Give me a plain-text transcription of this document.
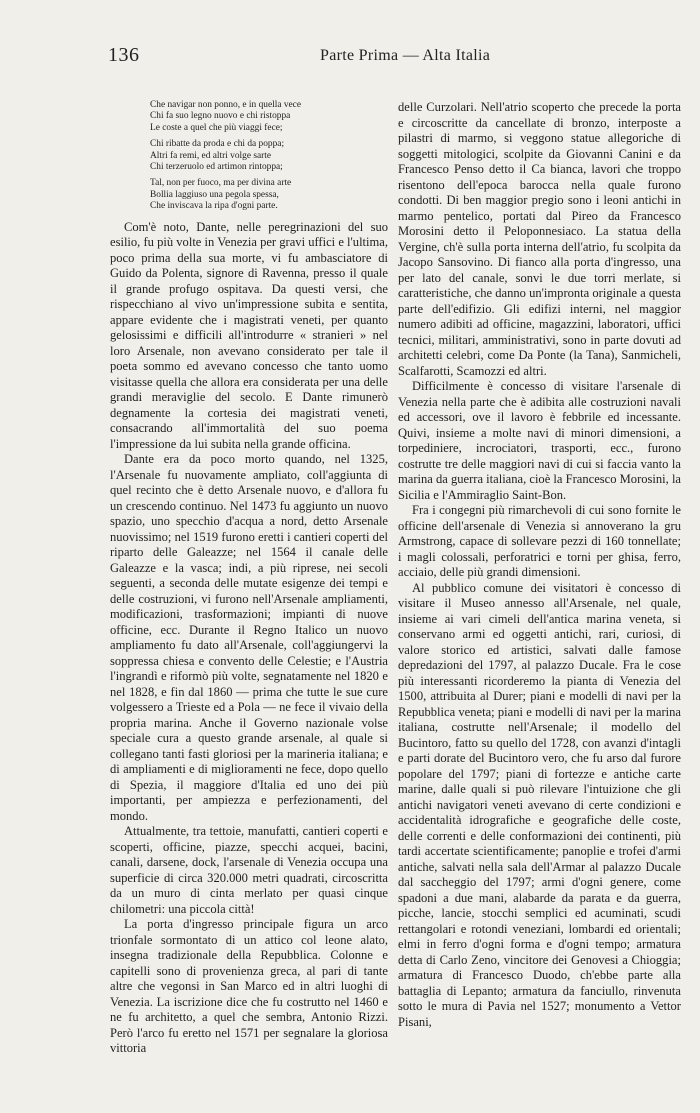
136	Parte Prima — Alta Italia
Che navigar non ponno, e in quella vece
Chi fa suo legno nuovo e chi ristoppa
Le coste a quel che più viaggi fece;
Chi ribatte da proda e chi da poppa;
Altri fa remi, ed altri volge sarte
Chi terzeruolo ed artimon rintoppa;
Tal, non per fuoco, ma per divina arte
Bollia laggiuso una pegola spessa,
Che inviscava la ripa d'ogni parte.

Com'è noto, Dante, nelle peregrinazioni del suo esilio, fu più volte in Venezia per gravi uffici e l'ultima, poco prima della sua morte, vi fu ambasciatore di Guido da Polenta, signore di Ravenna, presso il quale il grande profugo ospitava. Da questi versi, che rispecchiano al vivo un'impressione subita e sentita, appare evidente che i magistrati veneti, per quanto gelosissimi e difficili all'introdurre « stranieri » nel loro Arsenale, non avevano considerato per tale il poeta sommo ed avevano concesso che tanto uomo visitasse quella che allora era considerata per una delle grandi meraviglie del secolo. E Dante rimunerò degnamente la cortesia dei magistrati veneti, consacrando all'immortalità del suo poema l'impressione da lui subita nella grande officina.

Dante era da poco morto quando, nel 1325, l'Arsenale fu nuovamente ampliato, coll'aggiunta di quel recinto che è detto Arsenale nuovo, e d'allora fu un crescendo continuo. Nel 1473 fu aggiunto un nuovo spazio, uno specchio d'acqua a nord, detto Arsenale nuovissimo; nel 1519 furono eretti i cantieri coperti del riparto delle Galeazze; nel 1564 il canale delle Galeazze e la vasca; indi, a più riprese, nei secoli seguenti, a seconda delle mutate esigenze dei tempi e delle costruzioni, vi furono nell'Arsenale ampliamenti, modificazioni, trasformazioni; impianti di nuove officine, ecc. Durante il Regno Italico un nuovo ampliamento fu dato all'Arsenale, coll'aggiungervi la soppressa chiesa e convento delle Celestie; e l'Austria l'ingrandì e riformò più volte, segnatamente nel 1820 e nel 1828, e fin dal 1860 — prima che tutte le sue cure volgessero a Trieste ed a Pola — ne fece il vivaio della propria marina. Anche il Governo nazionale volse speciale cura a questo grande arsenale, al quale si collegano tanti fasti gloriosi per la marineria italiana; e di ampliamenti e di miglioramenti ne fece, dopo quello di Spezia, il maggiore d'Italia ed uno dei più importanti, per ampiezza e perfezionamenti, del mondo.

Attualmente, tra tettoie, manufatti, cantieri coperti e scoperti, officine, piazze, specchi acquei, bacini, canali, darsene, dock, l'arsenale di Venezia occupa una superficie di circa 320.000 metri quadrati, circoscritta da un muro di cinta merlato per quasi cinque chilometri: una piccola città!

La porta d'ingresso principale figura un arco trionfale sormontato di un attico col leone alato, insegna tradizionale della Repubblica. Colonne e capitelli sono di provenienza greca, al pari di tante altre che vegonsi in San Marco ed in altri luoghi di Venezia. La iscrizione dice che fu costrutto nel 1460 e ne fu architetto, a quel che sembra, Antonio Rizzi. Però l'arco fu eretto nel 1571 per segnalare la gloriosa vittoria

delle Curzolari. Nell'atrio scoperto che precede la porta e circoscritte da cancellate di bronzo, interposte a pilastri di marmo, si veggono statue allegoriche di soggetti mitologici, scolpite da Giovanni Canini e da Francesco Penso detto il Ca bianca, lavori che troppo risentono dell'epoca barocca nella quale furono condotti. Di ben maggior pregio sono i leoni antichi in marmo pentelico, portati dal Pireo da Francesco Morosini detto il Peloponnesiaco. La statua della Vergine, ch'è sulla porta interna dell'atrio, fu scolpita da Jacopo Sansovino. Di fianco alla porta d'ingresso, una per lato del canale, sonvi le due torri merlate, si caratteristiche, che danno un'impronta originale a questa parte dell'edifizio. Gli edifizi interni, nel maggior numero adibiti ad officine, magazzini, laboratori, uffici tecnici, militari, amministrativi, sono in parte dovuti ad architetti celebri, come Da Ponte (la Tana), Sanmicheli, Scalfarotti, Scamozzi ed altri.

Difficilmente è concesso di visitare l'arsenale di Venezia nella parte che è adibita alle costruzioni navali ed accessori, ove il lavoro è febbrile ed incessante. Quivi, insieme a molte navi di minori dimensioni, a torpediniere, incrociatori, trasporti, ecc., furono costrutte tre delle maggiori navi di cui si faccia vanto la marina da guerra italiana, cioè la Francesco Morosini, la Sicilia e l'Ammiraglio Saint-Bon.

Fra i congegni più rimarchevoli di cui sono fornite le officine dell'arsenale di Venezia si annoverano la gru Armstrong, capace di sollevare pezzi di 160 tonnellate; i magli colossali, perforatrici e torni per ghisa, ferro, acciaio, delle più grandi dimensioni.

Al pubblico comune dei visitatori è concesso di visitare il Museo annesso all'Arsenale, nel quale, insieme ai vari cimeli dell'antica marina veneta, si conservano armi ed oggetti antichi, rari, curiosi, di valore storico ed artistici, salvati dalle famose depredazioni del 1797, al palazzo Ducale. Fra le cose più interessanti ricorderemo la pianta di Venezia del 1500, attribuita al Durer; piani e modelli di navi per la Repubblica veneta; piani e modelli di navi per la marina italiana, costrutte nell'Arsenale; il modello del Bucintoro, fatto su quello del 1728, con avanzi d'intagli e parti dorate del Bucintoro vero, che fu arso dal furore popolare del 1797; piani di fortezze e antiche carte marine, dalle quali si può rilevare l'intuizione che gli antichi navigatori veneti avevano di certe condizioni e accidentalità idrografiche e geografiche delle coste, delle correnti e delle conformazioni dei continenti, più tardi accertate scientificamente; panoplie e trofei d'armi antiche, salvati nella sala dell'Armar al palazzo Ducale dal saccheggio del 1797; armi d'ogni genere, come spadoni a due mani, alabarde da parata e da guerra, picche, lancie, stocchi semplici ed acuminati, scudi rettangolari e rotondi veneziani, lombardi ed orientali; elmi in ferro d'ogni forma e d'ogni tempo; armatura detta di Carlo Zeno, vincitore dei Genovesi a Chioggia; armatura di Francesco Duodo, ch'ebbe parte alla battaglia di Lepanto; armatura da fanciullo, rinvenuta sotto le mura di Pavia nel 1527; monumento a Vettor Pisani,
